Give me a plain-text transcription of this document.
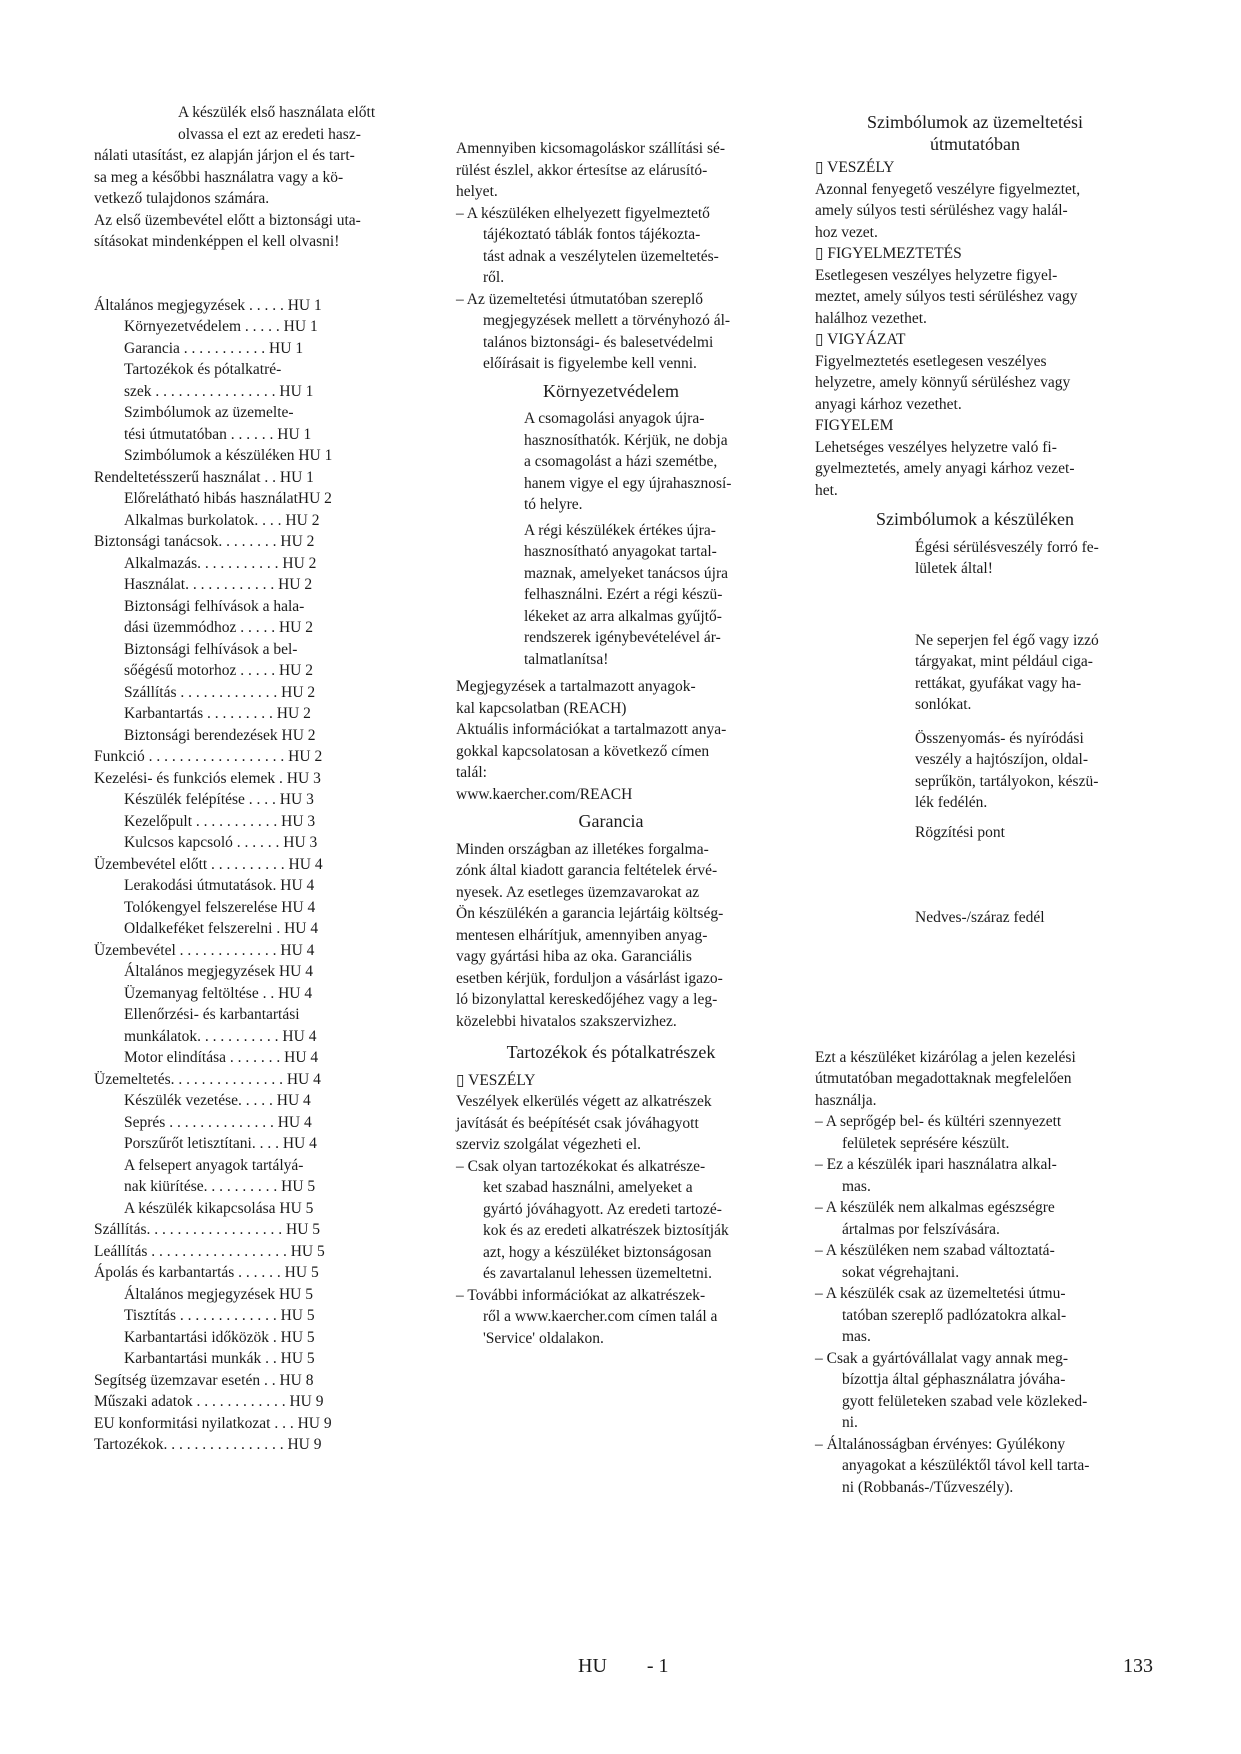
A készülék első használata előtt

olvassa el ezt az eredeti hasz-

nálati utasítást, ez alapján járjon el és tart-

sa meg a későbbi használatra vagy a kö-

vetkező tulajdonos számára.

Az első üzembevétel előtt a biztonsági uta-

sításokat mindenképpen el kell olvasni!

Általános megjegyzések . . . . . HU 1
Környezetvédelem . . . . . HU 1
Garancia . . . . . . . . . . . HU 1
Tartozékok és pótalkatré-
szek . . . . . . . . . . . . . . . . HU 1
Szimbólumok az üzemelte-
tési útmutatóban . . . . . . HU 1
Szimbólumok a készüléken HU 1
Rendeltetésszerű használat . . HU 1
Előrelátható hibás használatHU 2
Alkalmas burkolatok. . . . HU 2
Biztonsági tanácsok. . . . . . . . HU 2
Alkalmazás. . . . . . . . . . . HU 2
Használat. . . . . . . . . . . . HU 2
Biztonsági felhívások a hala-
dási üzemmódhoz . . . . . HU 2
Biztonsági felhívások a bel-
sőégésű motorhoz . . . . . HU 2
Szállítás . . . . . . . . . . . . . HU 2
Karbantartás . . . . . . . . . HU 2
Biztonsági berendezések HU 2
Funkció . . . . . . . . . . . . . . . . . . HU 2
Kezelési- és funkciós elemek . HU 3
Készülék felépítése . . . . HU 3
Kezelőpult . . . . . . . . . . . HU 3
Kulcsos kapcsoló . . . . . . HU 3
Üzembevétel előtt . . . . . . . . . . HU 4
Lerakodási útmutatások. HU 4
Tolókengyel felszerelése HU 4
Oldalkeféket felszerelni . HU 4
Üzembevétel . . . . . . . . . . . . . HU 4
Általános megjegyzések HU 4
Üzemanyag feltöltése . . HU 4
Ellenőrzési- és karbantartási
munkálatok. . . . . . . . . . . HU 4
Motor elindítása . . . . . . . HU 4
Üzemeltetés. . . . . . . . . . . . . . . HU 4
Készülék vezetése. . . . . HU 4
Seprés . . . . . . . . . . . . . . HU 4
Porszűrőt letisztítani. . . . HU 4
A felsepert anyagok tartályá-
nak kiürítése. . . . . . . . . . HU 5
A készülék kikapcsolása HU 5
Szállítás. . . . . . . . . . . . . . . . . . HU 5
Leállítás . . . . . . . . . . . . . . . . . . HU 5
Ápolás és karbantartás . . . . . . HU 5
Általános megjegyzések HU 5
Tisztítás . . . . . . . . . . . . . HU 5
Karbantartási időközök . HU 5
Karbantartási munkák . . HU 5
Segítség üzemzavar esetén . . HU 8
Műszaki adatok . . . . . . . . . . . . HU 9
EU konformitási nyilatkozat . . . HU 9
Tartozékok. . . . . . . . . . . . . . . . HU 9

Amennyiben kicsomagoláskor szállítási sé-

rülést észlel, akkor értesítse az elárusító-

helyet.

– A készüléken elhelyezett figyelmeztető

tájékoztató táblák fontos tájékozta-

tást adnak a veszélytelen üzemeltetés-

ről.

– Az üzemeltetési útmutatóban szereplő

megjegyzések mellett a törvényhozó ál-

talános biztonsági- és balesetvédelmi

előírásait is figyelembe kell venni.

Környezetvédelem

A csomagolási anyagok újra-

hasznosíthatók. Kérjük, ne dobja

a csomagolást a házi szemétbe,

hanem vigye el egy újrahasznosí-

tó helyre.

A régi készülékek értékes újra-

hasznosítható anyagokat tartal-

maznak, amelyeket tanácsos újra

felhasználni. Ezért a régi készü-

lékeket az arra alkalmas gyűjtő-

rendszerek igénybevételével ár-

talmatlanítsa!

Megjegyzések a tartalmazott anyagok-

kal kapcsolatban (REACH)

Aktuális információkat a tartalmazott anya-

gokkal kapcsolatosan a következő címen

talál:

www.kaercher.com/REACH

Garancia

Minden országban az illetékes forgalma-

zónk által kiadott garancia feltételek érvé-

nyesek. Az esetleges üzemzavarokat az

Ön készülékén a garancia lejártáig költség-

mentesen elhárítjuk, amennyiben anyag-

vagy gyártási hiba az oka. Garanciális

esetben kérjük, forduljon a vásárlást igazo-

ló bizonylattal kereskedőjéhez vagy a leg-

közelebbi hivatalos szakszervizhez.

Tartozékok és pótalkatrészek

▯ VESZÉLY

Veszélyek elkerülés végett az alkatrészek

javítását és beépítését csak jóváhagyott

szerviz szolgálat végezheti el.

– Csak olyan tartozékokat és alkatrésze-

ket szabad használni, amelyeket a

gyártó jóváhagyott. Az eredeti tartozé-

kok és az eredeti alkatrészek biztosítják

azt, hogy a készüléket biztonságosan

és zavartalanul lehessen üzemeltetni.

– További információkat az alkatrészek-

ről a www.kaercher.com címen talál a

'Service' oldalakon.

Szimbólumok az üzemeltetési

útmutatóban

▯ VESZÉLY

Azonnal fenyegető veszélyre figyelmeztet,

amely súlyos testi sérüléshez vagy halál-

hoz vezet.

▯ FIGYELMEZTETÉS

Esetlegesen veszélyes helyzetre figyel-

meztet, amely súlyos testi sérüléshez vagy

halálhoz vezethet.

▯ VIGYÁZAT

Figyelmeztetés esetlegesen veszélyes

helyzetre, amely könnyű sérüléshez vagy

anyagi kárhoz vezethet.

FIGYELEM

Lehetséges veszélyes helyzetre való fi-

gyelmeztetés, amely anyagi kárhoz vezet-

het.

Szimbólumok a készüléken

Égési sérülésveszély forró fe-

lületek által!

Ne seperjen fel égő vagy izzó

tárgyakat, mint például ciga-

rettákat, gyufákat vagy ha-

sonlókat.

Összenyomás- és nyíródási

veszély a hajtószíjon, oldal-

seprűkön, tartályokon, készü-

lék fedélén.

Rögzítési pont

Nedves-/száraz fedél

Ezt a készüléket kizárólag a jelen kezelési

útmutatóban megadottaknak megfelelően

használja.

– A seprőgép bel- és kültéri szennyezett

felületek seprésére készült.

– Ez a készülék ipari használatra alkal-

mas.

– A készülék nem alkalmas egészségre

ártalmas por felszívására.

– A készüléken nem szabad változtatá-

sokat végrehajtani.

– A készülék csak az üzemeltetési útmu-

tatóban szereplő padlózatokra alkal-

mas.

– Csak a gyártóvállalat vagy annak meg-

bízottja által géphasználatra jóváha-

gyott felületeken szabad vele közleked-

ni.

– Általánosságban érvényes: Gyúlékony

anyagokat a készüléktől távol kell tarta-

ni (Robbanás-/Tűzveszély).

HU - 1	133
